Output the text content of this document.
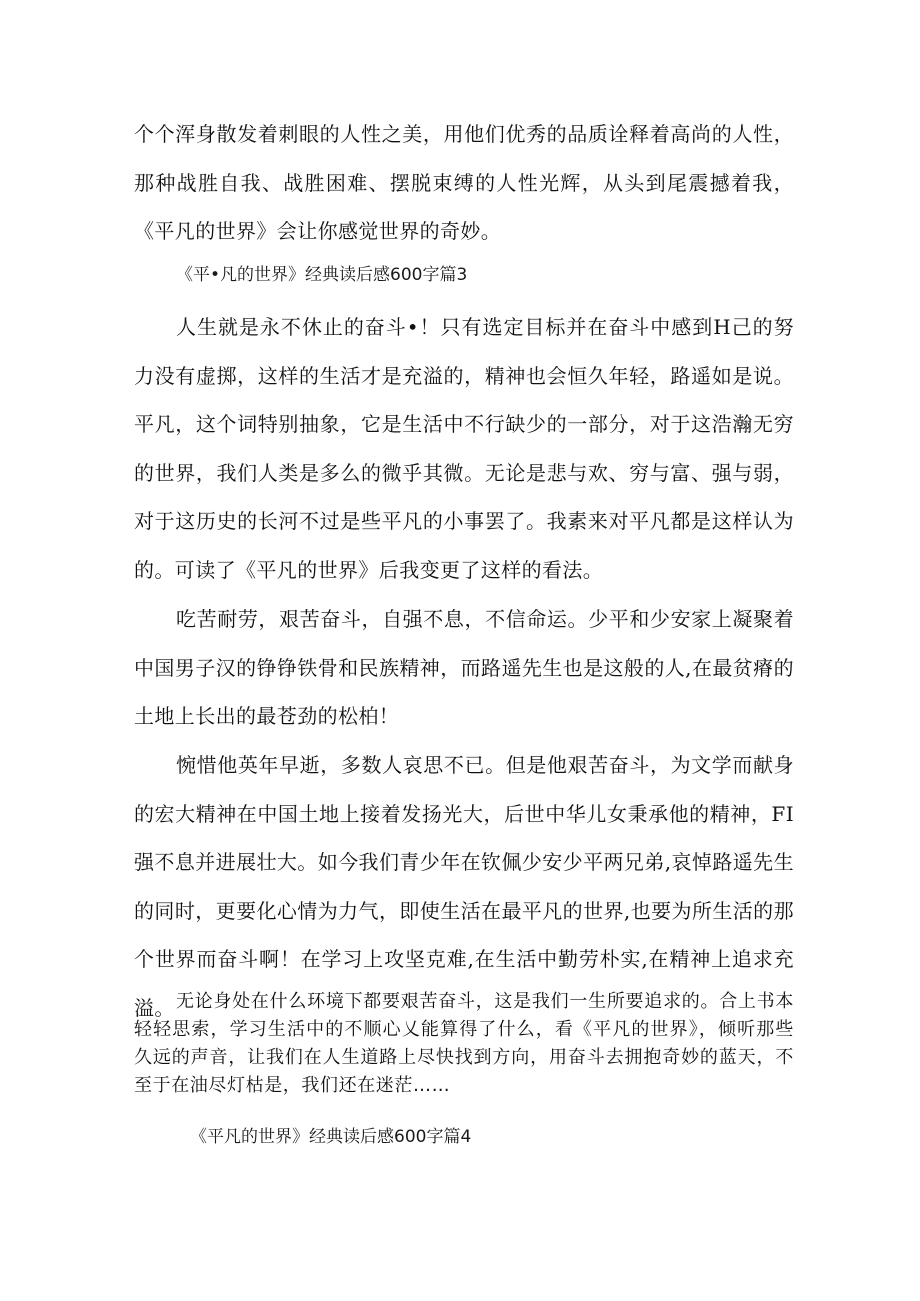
个个浑身散发着刺眼的人性之美，用他们优秀的品质诠释着高尚的人性，那种战胜自我、战胜困难、摆脱束缚的人性光辉，从头到尾震撼着我，《平凡的世界》会让你感觉世界的奇妙。

《平•凡的世界》经典读后感600字篇3

人生就是永不休止的奋斗•！只有选定目标并在奋斗中感到H己的努力没有虚掷，这样的生活才是充溢的，精神也会恒久年轻，路遥如是说。平凡，这个词特别抽象，它是生活中不行缺少的一部分，对于这浩瀚无穷的世界，我们人类是多么的微乎其微。无论是悲与欢、穷与富、强与弱，对于这历史的长河不过是些平凡的小事罢了。我素来对平凡都是这样认为的。可读了《平凡的世界》后我变更了这样的看法。

吃苦耐劳，艰苦奋斗，自强不息，不信命运。少平和少安家上凝聚着中国男子汉的铮铮铁骨和民族精神，而路遥先生也是这般的人,在最贫瘠的土地上长出的最苍劲的松柏！

惋惜他英年早逝，多数人哀思不已。但是他艰苦奋斗，为文学而献身的宏大精神在中国土地上接着发扬光大，后世中华儿女秉承他的精神，FI强不息并进展壮大。如今我们青少年在钦佩少安少平两兄弟,哀悼路遥先生的同时，更要化心情为力气，即使生活在最平凡的世界,也要为所生活的那个世界而奋斗啊！在学习上攻坚克难,在生活中勤劳朴实,在精神上追求充溢。 无论身处在什么环境下都要艰苦奋斗，这是我们一生所要追求的。合上书本轻轻思索，学习生活中的不顺心乂能算得了什么，看《平凡的世界》，倾听那些久远的声音，让我们在人生道路上尽快找到方向，用奋斗去拥抱奇妙的蓝天，不至于在油尽灯枯是，我们还在迷茫……

《平凡的世界》经典读后感600字篇4
